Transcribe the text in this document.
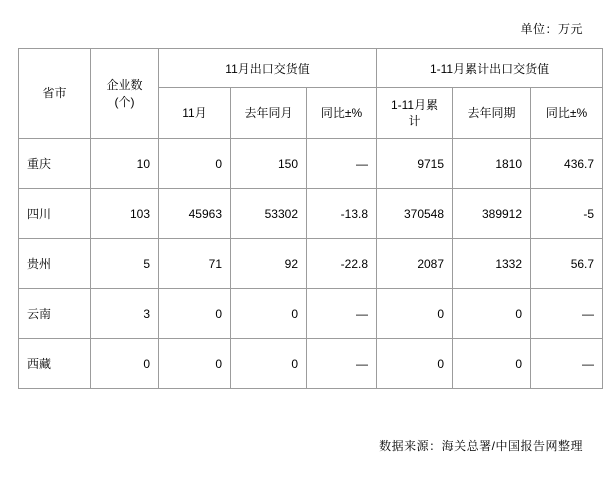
单位：万元
省市	企业数(个)	11月出口交货值			1-11月累计出口交货值		
		11月	去年同月	同比±%	1-11月累计	去年同期	同比±%
重庆	10	0	150	—	9715	1810	436.7
四川	103	45963	53302	-13.8	370548	389912	-5
贵州	5	71	92	-22.8	2087	1332	56.7
云南	3	0	0	—	0	0	—
西藏	0	0	0	—	0	0	—
数据来源：海关总署/中国报告网整理
